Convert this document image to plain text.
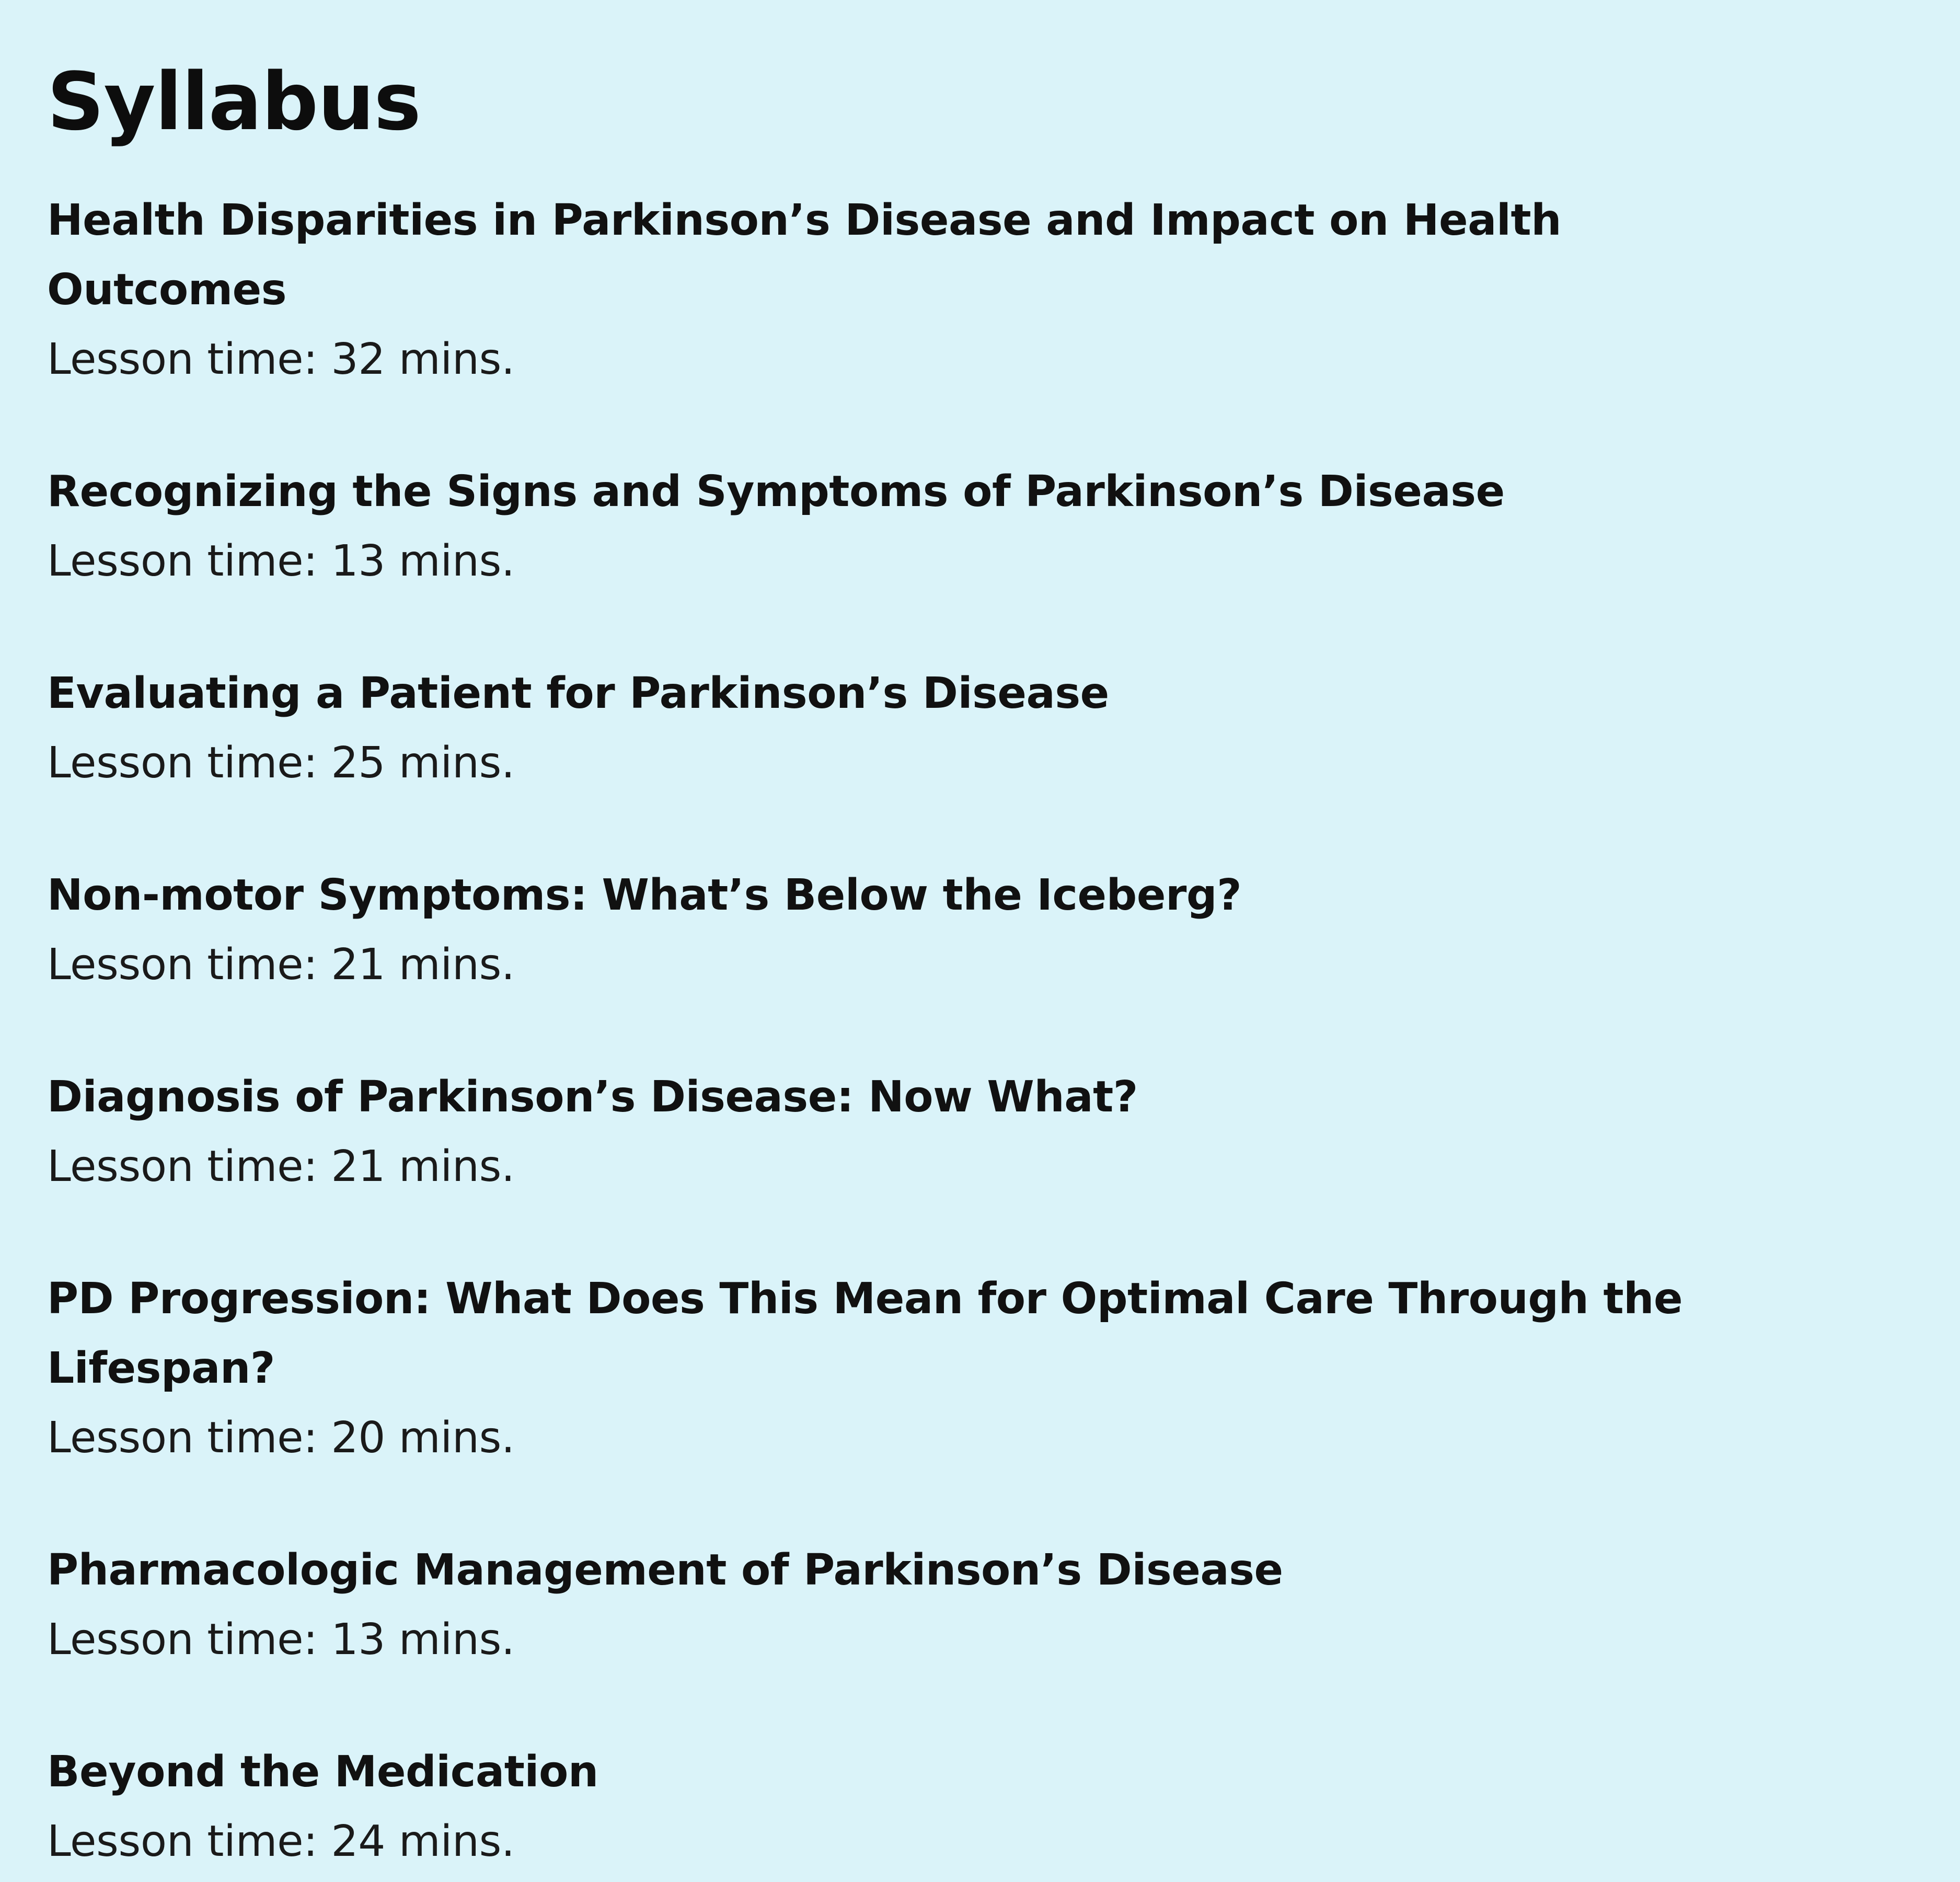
Syllabus
Health Disparities in Parkinson’s Disease and Impact on Health Outcomes
Lesson time: 32 mins.
Recognizing the Signs and Symptoms of Parkinson’s Disease
Lesson time: 13 mins.
Evaluating a Patient for Parkinson’s Disease
Lesson time: 25 mins.
Non-motor Symptoms: What’s Below the Iceberg?
Lesson time: 21 mins.
Diagnosis of Parkinson’s Disease: Now What?
Lesson time: 21 mins.
PD Progression: What Does This Mean for Optimal Care Through the Lifespan?
Lesson time: 20 mins.
Pharmacologic Management of Parkinson’s Disease
Lesson time: 13 mins.
Beyond the Medication
Lesson time: 24 mins.
